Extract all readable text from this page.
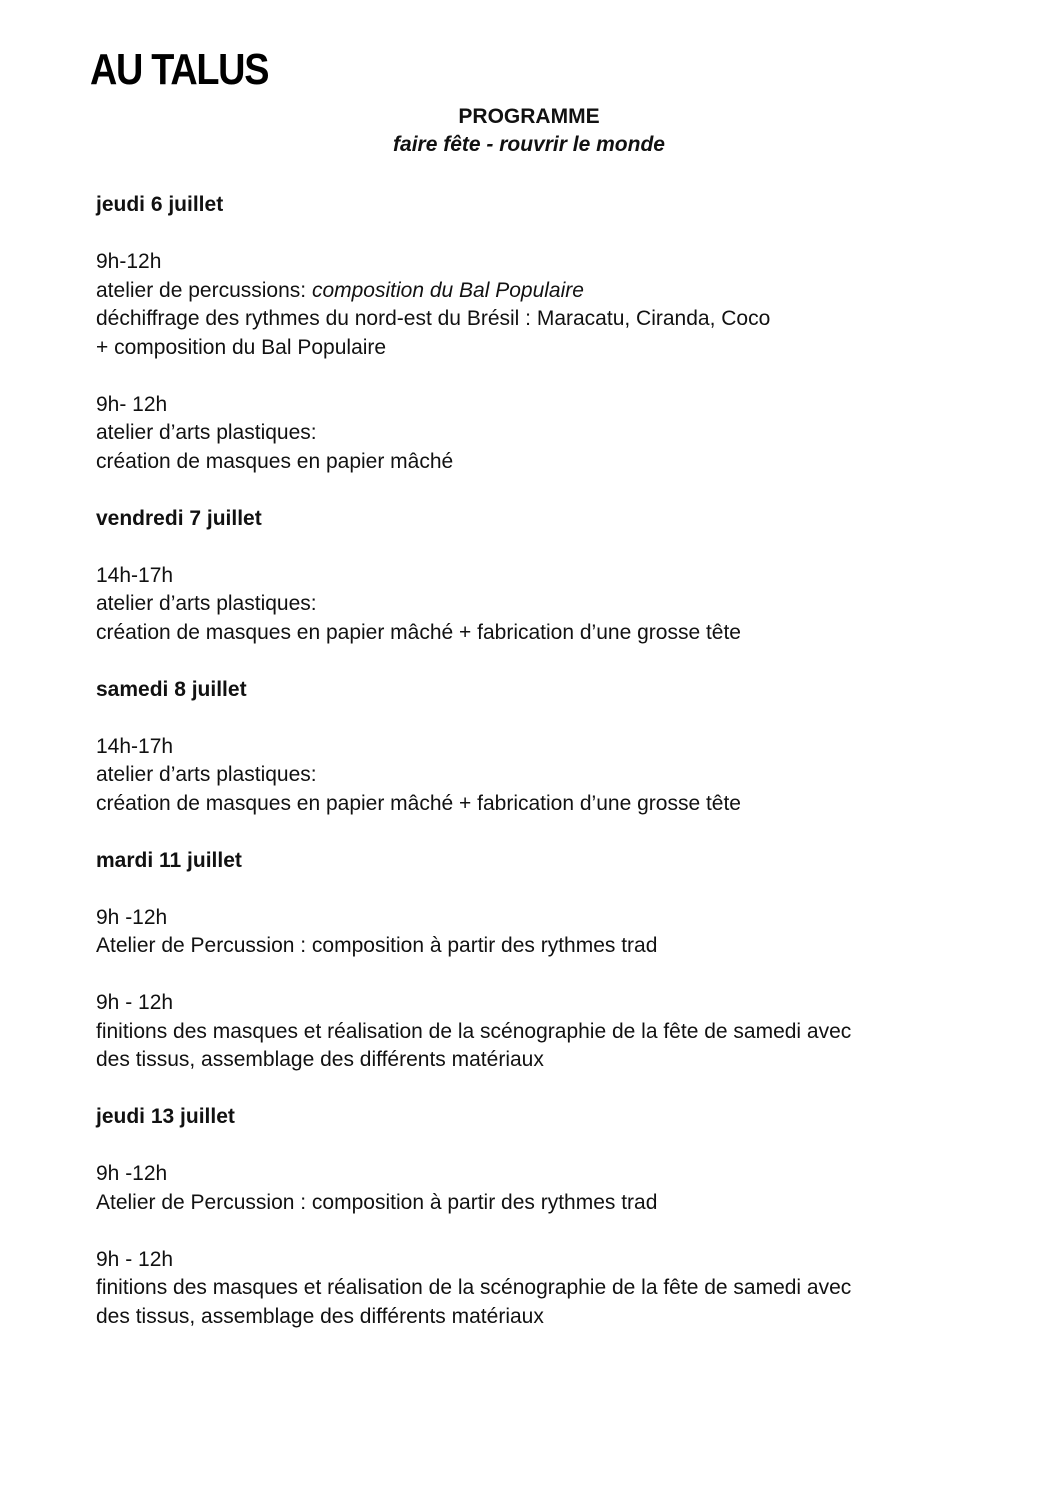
AU TALUS
PROGRAMME
faire fête - rouvrir le monde
jeudi 6 juillet
9h-12h
atelier de percussions: composition du Bal Populaire
déchiffrage des rythmes du nord-est du Brésil : Maracatu, Ciranda, Coco
+ composition du Bal Populaire
9h- 12h
atelier d’arts plastiques:
création de masques en papier mâché
vendredi 7 juillet
14h-17h
atelier d’arts plastiques:
création de masques en papier mâché + fabrication d’une grosse tête
samedi 8 juillet
14h-17h
atelier d’arts plastiques:
création de masques en papier mâché + fabrication d’une grosse tête
mardi 11 juillet
9h -12h
Atelier de Percussion : composition à partir des rythmes trad
9h - 12h
finitions des masques et réalisation de la scénographie de la fête de samedi avec
des tissus, assemblage des différents matériaux
jeudi 13 juillet
9h -12h
Atelier de Percussion : composition à partir des rythmes trad
9h - 12h
finitions des masques et réalisation de la scénographie de la fête de samedi avec
des tissus, assemblage des différents matériaux
